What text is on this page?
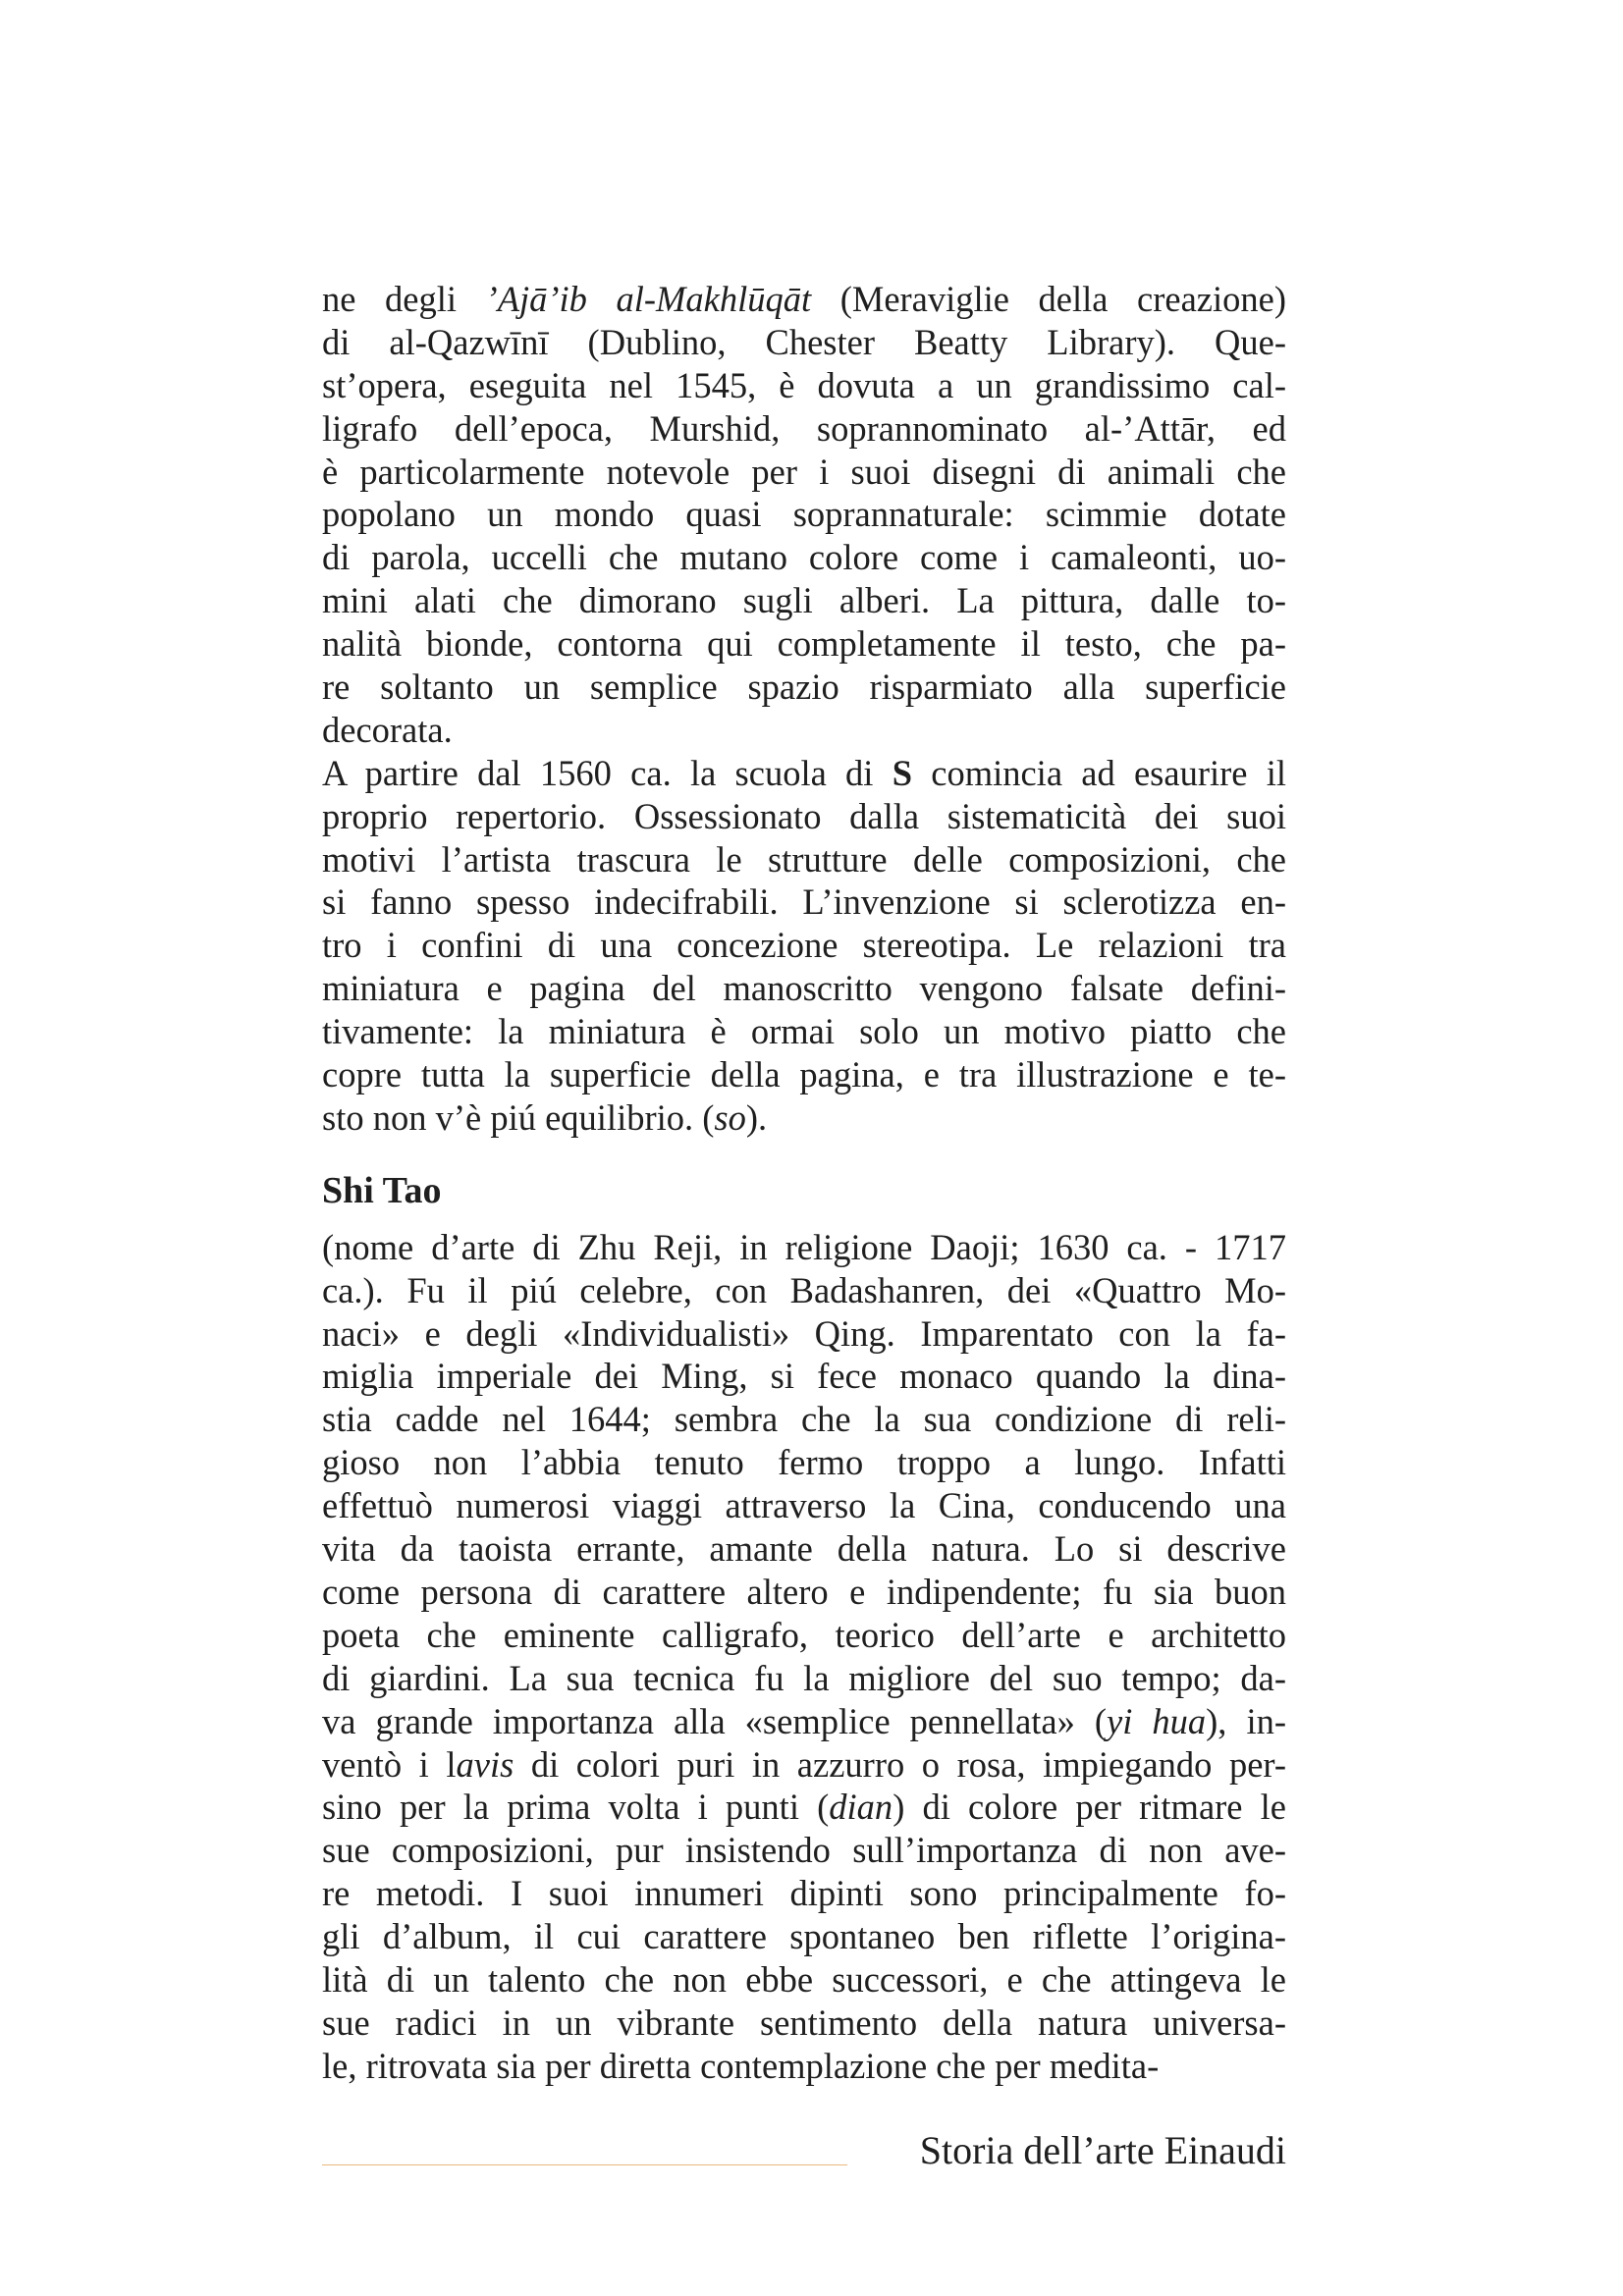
ne degli ’Ajā’ib al-Makhlūqāt (Meraviglie della creazione)
di al-Qazwīnī (Dublino, Chester Beatty Library). Que-
st’opera, eseguita nel 1545, è dovuta a un grandissimo cal-
ligrafo dell’epoca, Murshid, soprannominato al-’Attār, ed
è particolarmente notevole per i suoi disegni di animali che
popolano un mondo quasi soprannaturale: scimmie dotate
di parola, uccelli che mutano colore come i camaleonti, uo-
mini alati che dimorano sugli alberi. La pittura, dalle to-
nalità bionde, contorna qui completamente il testo, che pa-
re soltanto un semplice spazio risparmiato alla superficie
decorata.
A partire dal 1560 ca. la scuola di S comincia ad esaurire il
proprio repertorio. Ossessionato dalla sistematicità dei suoi
motivi l’artista trascura le strutture delle composizioni, che
si fanno spesso indecifrabili. L’invenzione si sclerotizza en-
tro i confini di una concezione stereotipa. Le relazioni tra
miniatura e pagina del manoscritto vengono falsate defini-
tivamente: la miniatura è ormai solo un motivo piatto che
copre tutta la superficie della pagina, e tra illustrazione e te-
sto non v’è piú equilibrio. (so).
Shi Tao
(nome d’arte di Zhu Reji, in religione Daoji; 1630 ca. - 1717
ca.). Fu il piú celebre, con Badashanren, dei «Quattro Mo-
naci» e degli «Individualisti» Qing. Imparentato con la fa-
miglia imperiale dei Ming, si fece monaco quando la dina-
stia cadde nel 1644; sembra che la sua condizione di reli-
gioso non l’abbia tenuto fermo troppo a lungo. Infatti
effettuò numerosi viaggi attraverso la Cina, conducendo una
vita da taoista errante, amante della natura. Lo si descrive
come persona di carattere altero e indipendente; fu sia buon
poeta che eminente calligrafo, teorico dell’arte e architetto
di giardini. La sua tecnica fu la migliore del suo tempo; da-
va grande importanza alla «semplice pennellata» (yi hua), in-
ventò i lavis di colori puri in azzurro o rosa, impiegando per-
sino per la prima volta i punti (dian) di colore per ritmare le
sue composizioni, pur insistendo sull’importanza di non ave-
re metodi. I suoi innumeri dipinti sono principalmente fo-
gli d’album, il cui carattere spontaneo ben riflette l’origina-
lità di un talento che non ebbe successori, e che attingeva le
sue radici in un vibrante sentimento della natura universa-
le, ritrovata sia per diretta contemplazione che per medita-
Storia dell’arte Einaudi
